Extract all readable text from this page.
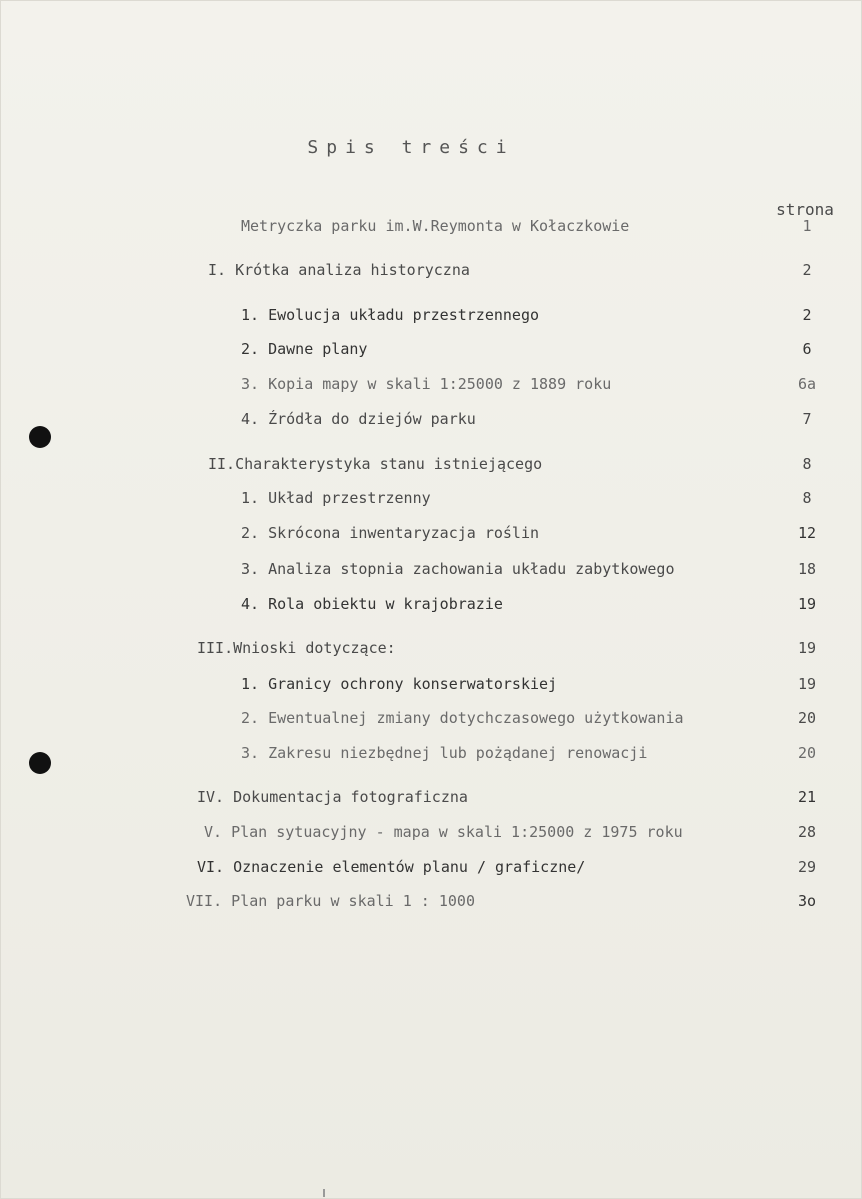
Spis treści
strona
Metryczka parku im.W.Reymonta w Kołaczkowie	1
I. Krótka analiza historyczna	2
1. Ewolucja układu przestrzennego	2
2. Dawne plany	6
3. Kopia mapy w skali 1:25000 z 1889 roku	6a
4. Źródła do dziejów parku	7
II.Charakterystyka stanu istniejącego	8
1. Układ przestrzenny	8
2. Skrócona inwentaryzacja roślin	12
3. Analiza stopnia zachowania układu zabytkowego	18
4. Rola obiektu w krajobrazie	19
III.Wnioski dotyczące:	19
1. Granicy ochrony konserwatorskiej	19
2. Ewentualnej zmiany dotychczasowego użytkowania	20
3. Zakresu niezbędnej lub pożądanej renowacji	20
IV. Dokumentacja fotograficzna	21
V. Plan sytuacyjny - mapa w skali 1:25000 z 1975 roku	28
VI. Oznaczenie elementów planu / graficzne/	29
VII. Plan parku w skali 1 : 1000	3o
